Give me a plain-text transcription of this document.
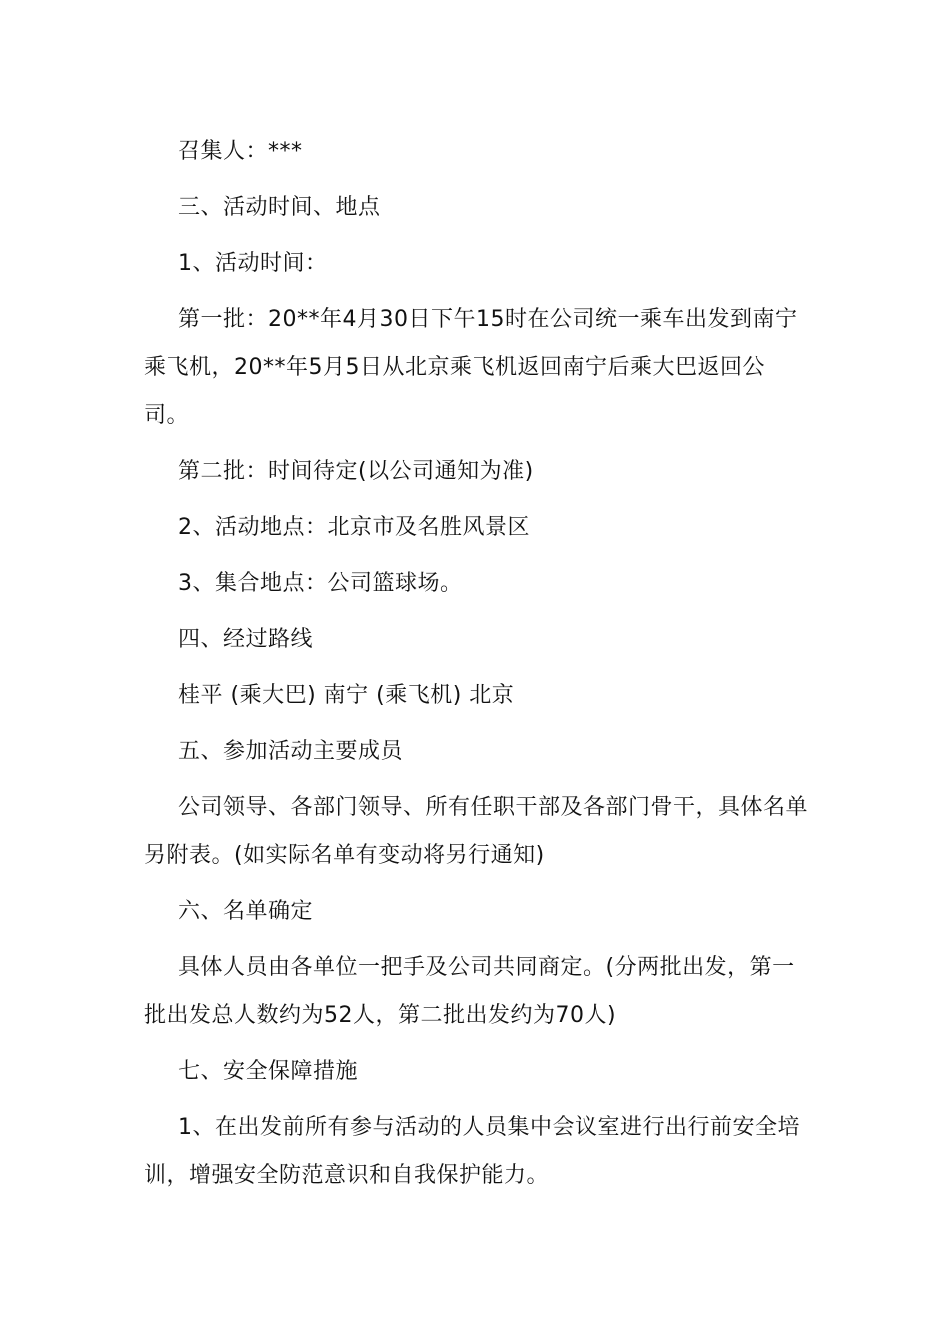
召集人：***

三、活动时间、地点

1、活动时间：

第一批：20**年4月30日下午15时在公司统一乘车出发到南宁乘飞机，20**年5月5日从北京乘飞机返回南宁后乘大巴返回公司。

第二批：时间待定(以公司通知为准)

2、活动地点：北京市及名胜风景区

3、集合地点：公司篮球场。

四、经过路线

桂平 (乘大巴) 南宁 (乘飞机) 北京

五、参加活动主要成员

公司领导、各部门领导、所有任职干部及各部门骨干，具体名单另附表。(如实际名单有变动将另行通知)

六、名单确定

具体人员由各单位一把手及公司共同商定。(分两批出发，第一批出发总人数约为52人，第二批出发约为70人)

七、安全保障措施

1、在出发前所有参与活动的人员集中会议室进行出行前安全培训，增强安全防范意识和自我保护能力。
